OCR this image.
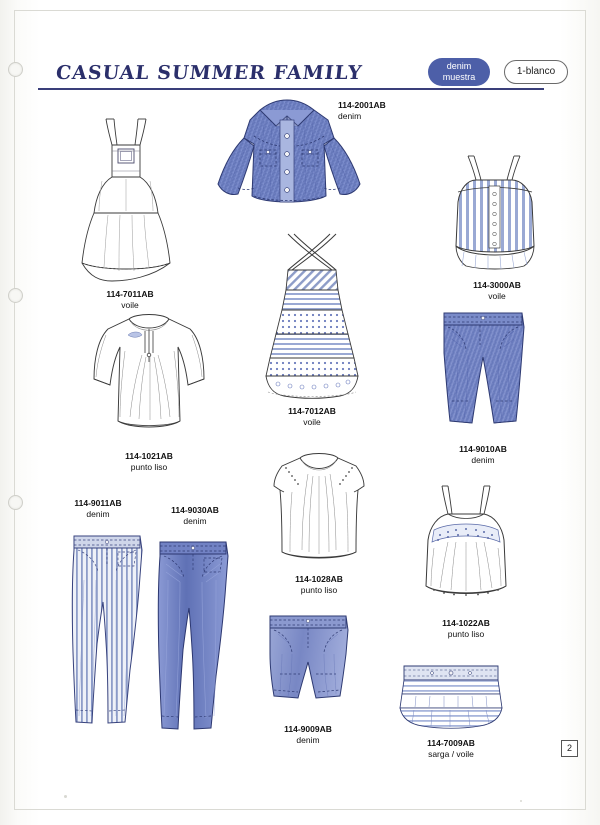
CASUAL SUMMER FAMILY	denim
muestra	1-blanco
114-7011AB
voile
114-2001AB
denim
114-3000AB
voile
114-1021AB
punto liso
114-7012AB
voile
114-9010AB
denim
114-1028AB
punto liso
114-1022AB
punto liso
114-9011AB
denim	114-9030AB
denim
114-9009AB
denim	114-7009AB
sarga / voile
2
